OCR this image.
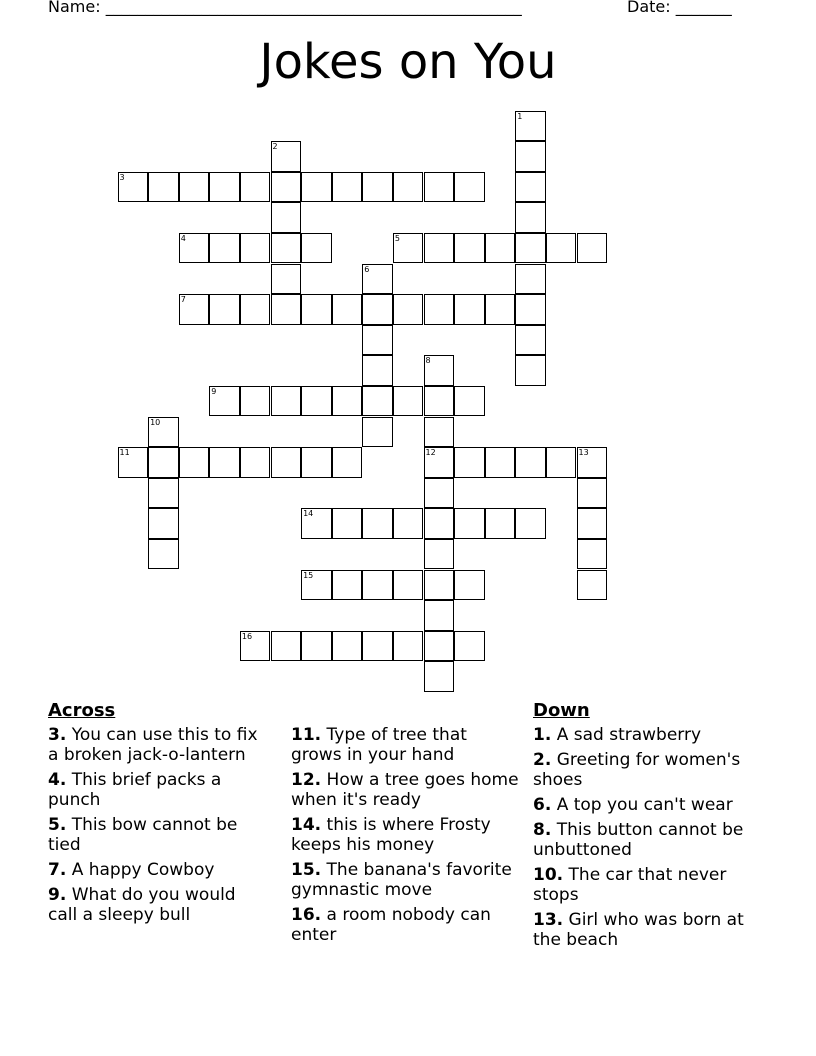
Name: ____________________________________________________	Date: _______
Jokes on You
1
2
3
4	5
6
7
8
12
9
10
11	13
14
15
16
Across
3. You can use this to fix a broken jack-o-lantern
4. This brief packs a punch
5. This bow cannot be tied
7. A happy Cowboy
9. What do you would call a sleepy bull
11. Type of tree that grows in your hand
12. How a tree goes home when it's ready
14. this is where Frosty keeps his money
15. The banana's favorite gymnastic move
16. a room nobody can enter
Down
1. A sad strawberry
2. Greeting for women's shoes
6. A top you can't wear
8. This button cannot be unbuttoned
10. The car that never stops
13. Girl who was born at the beach
